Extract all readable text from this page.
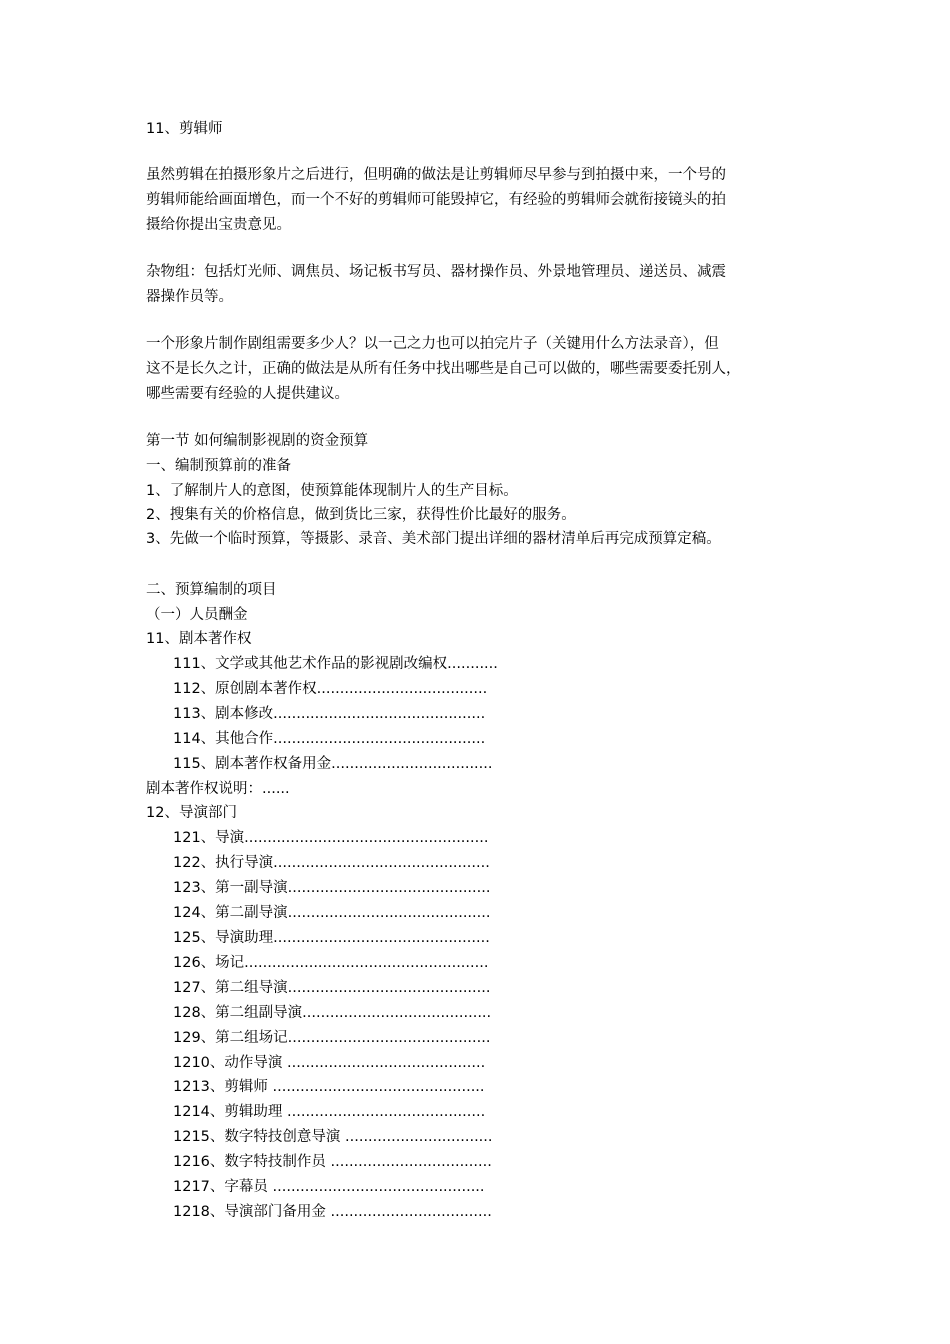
11、剪辑师
虽然剪辑在拍摄形象片之后进行，但明确的做法是让剪辑师尽早参与到拍摄中来，一个号的
剪辑师能给画面增色，而一个不好的剪辑师可能毁掉它，有经验的剪辑师会就衔接镜头的拍
摄给你提出宝贵意见。
杂物组：包括灯光师、调焦员、场记板书写员、器材操作员、外景地管理员、递送员、减震
器操作员等。
一个形象片制作剧组需要多少人？以一己之力也可以拍完片子（关键用什么方法录音），但
这不是长久之计，正确的做法是从所有任务中找出哪些是自己可以做的，哪些需要委托别人，
哪些需要有经验的人提供建议。
第一节 如何编制影视剧的资金预算
一、编制预算前的准备
1、了解制片人的意图，使预算能体现制片人的生产目标。
2、搜集有关的价格信息，做到货比三家，获得性价比最好的服务。
3、先做一个临时预算，等摄影、录音、美术部门提出详细的器材清单后再完成预算定稿。
二、预算编制的项目
（一）人员酬金
11、剧本著作权
111、文学或其他艺术作品的影视剧改编权...........
112、原创剧本著作权.....................................
113、剧本修改..............................................
114、其他合作..............................................
115、剧本著作权备用金...................................
剧本著作权说明：......
12、导演部门
121、导演.....................................................
122、执行导演...............................................
123、第一副导演............................................
124、第二副导演............................................
125、导演助理...............................................
126、场记.....................................................
127、第二组导演............................................
128、第二组副导演.........................................
129、第二组场记............................................
1210、动作导演 ...........................................
1213、剪辑师 ..............................................
1214、剪辑助理 ...........................................
1215、数字特技创意导演 ................................
1216、数字特技制作员 ...................................
1217、字幕员 ..............................................
1218、导演部门备用金 ...................................
